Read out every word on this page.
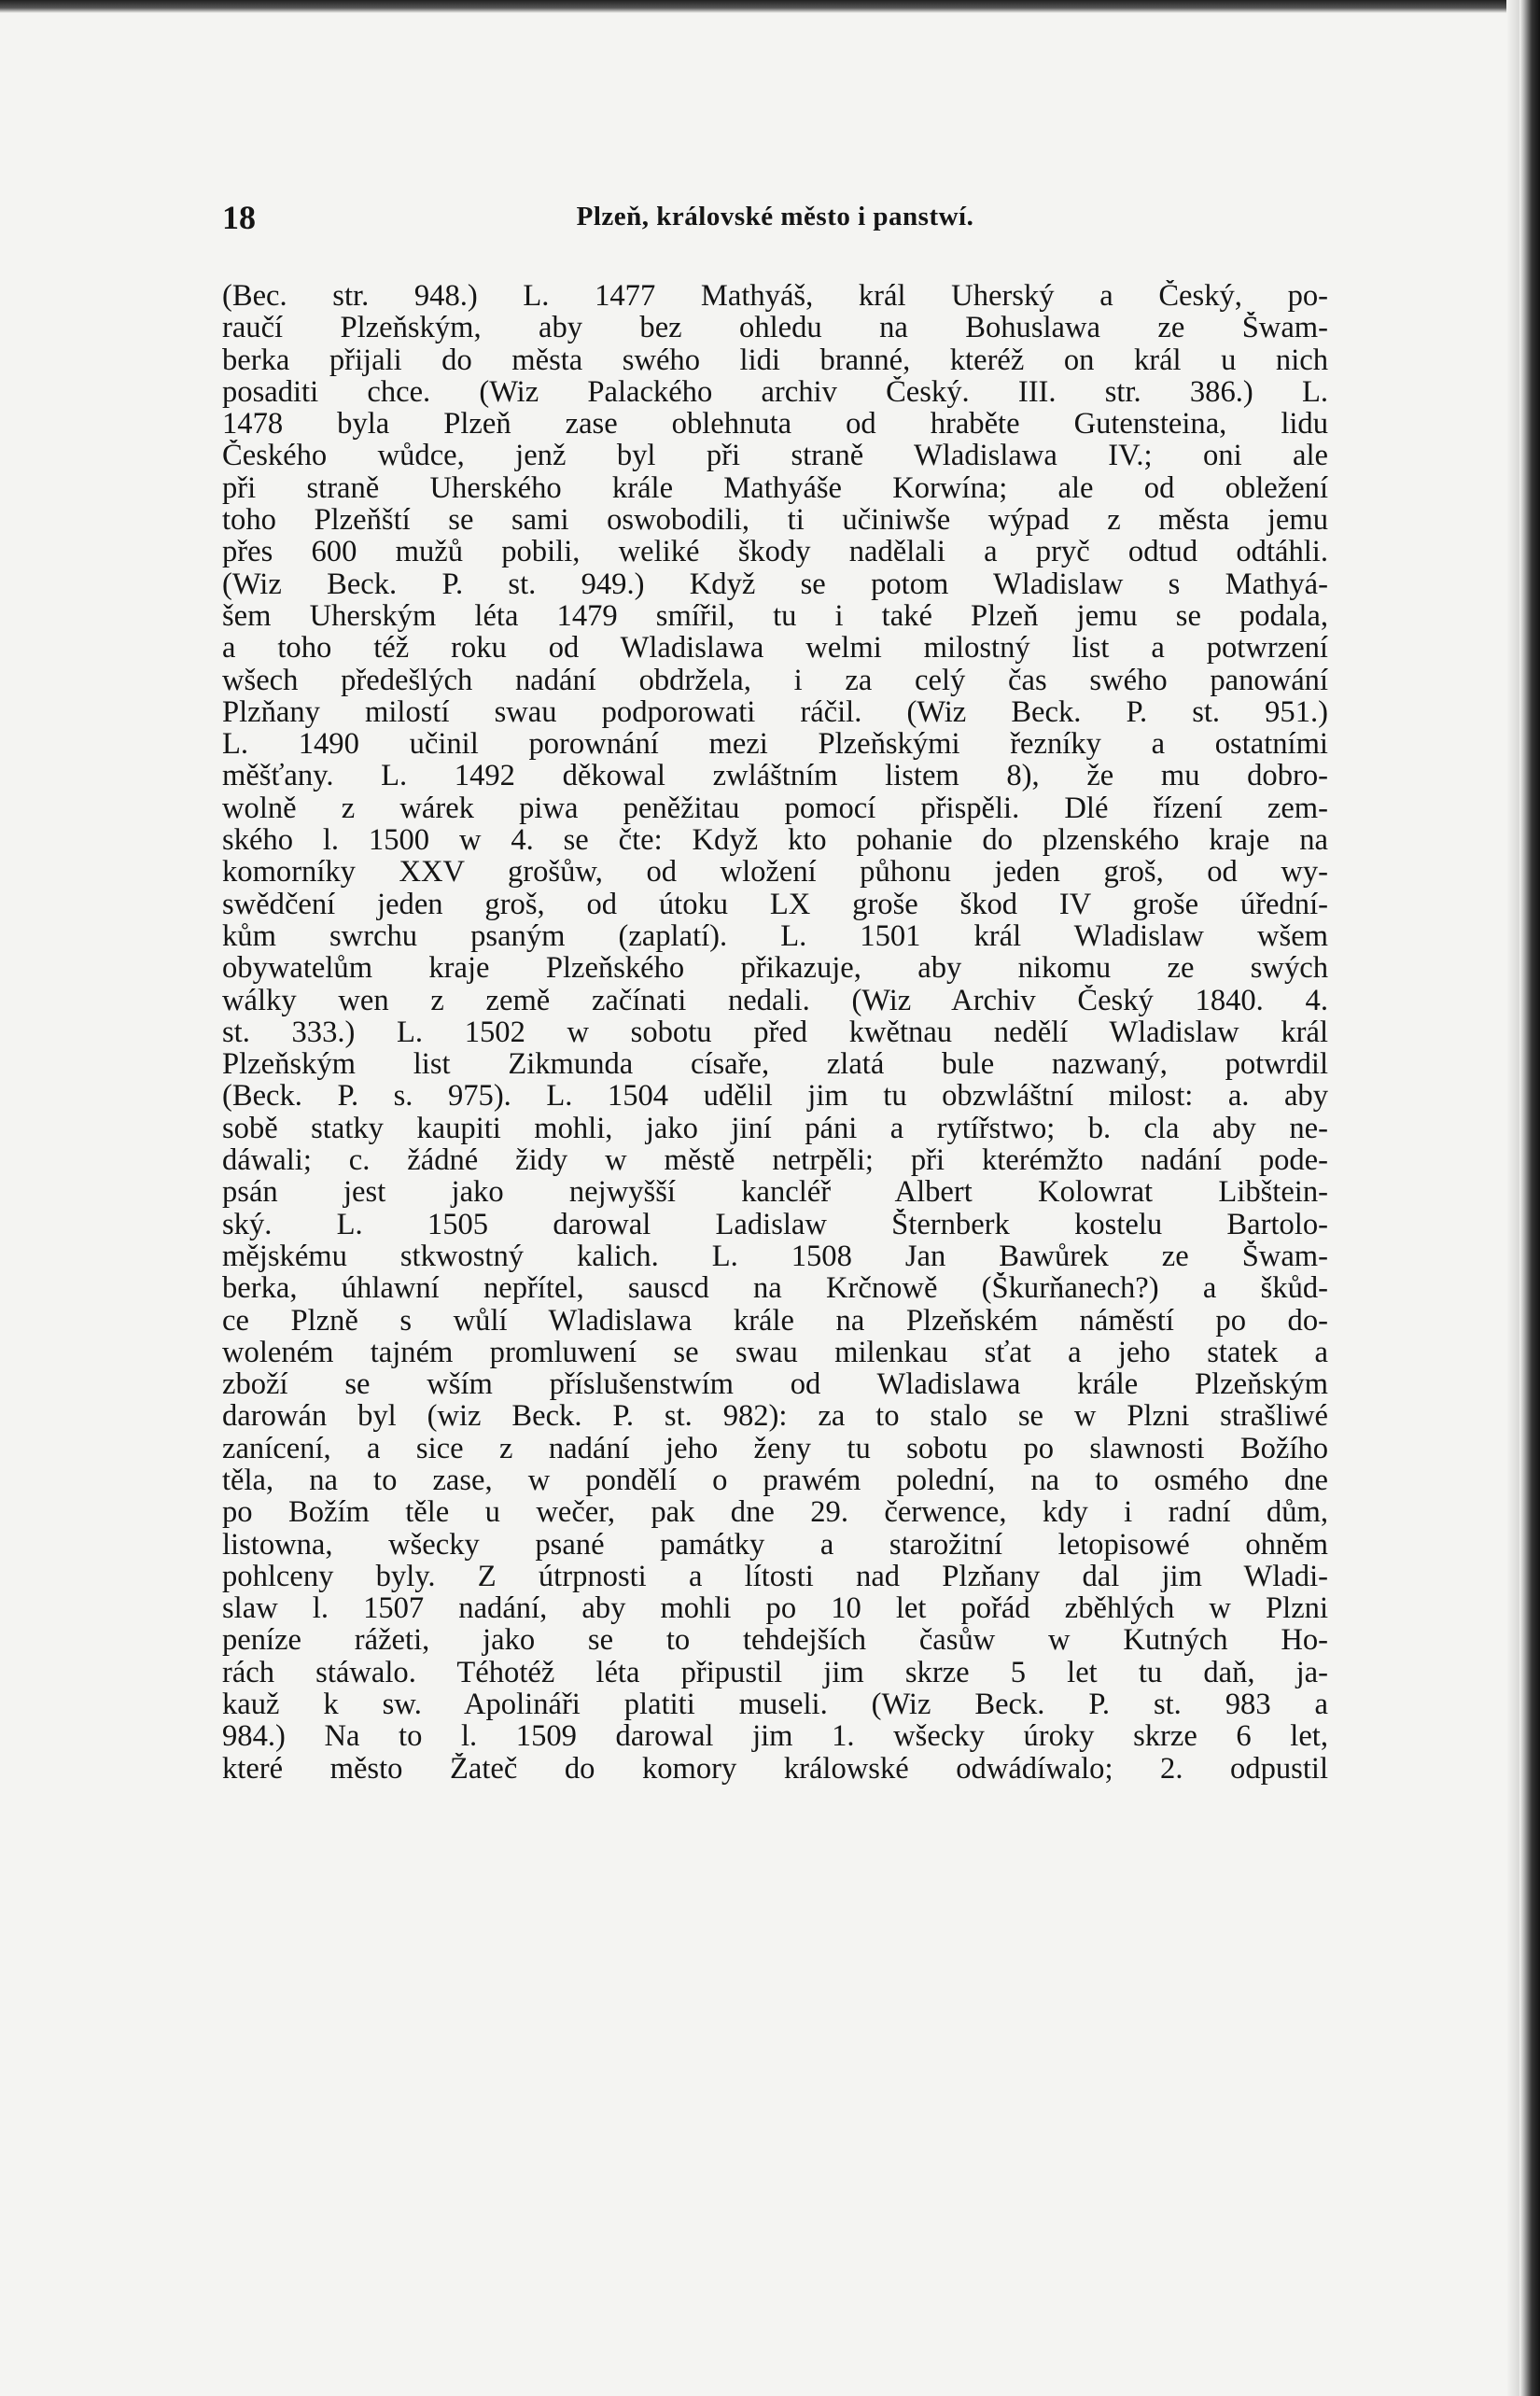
18	Plzeň, královské město i panstwí.
(Bec. str. 948.) L. 1477 Mathyáš, král Uherský a Český, po-
raučí Plzeňským, aby bez ohledu na Bohuslawa ze Šwam-
berka přijali do města swého lidi branné, kteréž on král u nich
posaditi chce. (Wiz Palackého archiv Český. III. str. 386.) L.
1478 byla Plzeň zase oblehnuta od hraběte Gutensteina, lidu
Českého wůdce, jenž byl při straně Wladislawa IV.; oni ale
při straně Uherského krále Mathyáše Korwína; ale od obležení
toho Plzeňští se sami oswobodili, ti učiniwše wýpad z města jemu
přes 600 mužů pobili, weliké škody nadělali a pryč odtud odtáhli.
(Wiz Beck. P. st. 949.) Když se potom Wladislaw s Mathyá-
šem Uherským léta 1479 smířil, tu i také Plzeň jemu se podala,
a toho též roku od Wladislawa welmi milostný list a potwrzení
wšech předešlých nadání obdržela, i za celý čas swého panowání
Plzňany milostí swau podporowati ráčil. (Wiz Beck. P. st. 951.)
L. 1490 učinil porownání mezi Plzeňskými řezníky a ostatními
měšťany. L. 1492 děkowal zwláštním listem 8), že mu dobro-
wolně z wárek piwa peněžitau pomocí přispěli. Dlé řízení zem-
ského l. 1500 w 4. se čte: Když kto pohanie do plzenského kraje na
komorníky XXV grošůw, od wložení půhonu jeden groš, od wy-
swědčení jeden groš, od útoku LX groše škod IV groše úřední-
kům swrchu psaným (zaplatí). L. 1501 král Wladislaw wšem
obywatelům kraje Plzeňského přikazuje, aby nikomu ze swých
wálky wen z země začínati nedali. (Wiz Archiv Český 1840. 4.
st. 333.) L. 1502 w sobotu před kwětnau nedělí Wladislaw král
Plzeňským list Zikmunda císaře, zlatá bule nazwaný, potwrdil
(Beck. P. s. 975). L. 1504 udělil jim tu obzwláštní milost: a. aby
sobě statky kaupiti mohli, jako jiní páni a rytířstwo; b. cla aby ne-
dáwali; c. žádné židy w městě netrpěli; při kterémžto nadání pode-
psán jest jako nejwyšší kancléř Albert Kolowrat Libštein-
ský. L. 1505 darowal Ladislaw Šternberk kostelu Bartolo-
mějskému stkwostný kalich. L. 1508 Jan Bawůrek ze Šwam-
berka, úhlawní nepřítel, sauscd na Krčnowě (Škurňanech?) a škůd-
ce Plzně s wůlí Wladislawa krále na Plzeňském náměstí po do-
woleném tajném promluwení se swau milenkau sťat a jeho statek a
zboží se wším příslušenstwím od Wladislawa krále Plzeňským
darowán byl (wiz Beck. P. st. 982): za to stalo se w Plzni strašliwé
zanícení, a sice z nadání jeho ženy tu sobotu po slawnosti Božího
těla, na to zase, w pondělí o prawém polední, na to osmého dne
po Božím těle u wečer, pak dne 29. čerwence, kdy i radní dům,
listowna, wšecky psané památky a starožitní letopisowé ohněm
pohlceny byly. Z útrpnosti a lítosti nad Plzňany dal jim Wladi-
slaw l. 1507 nadání, aby mohli po 10 let pořád zběhlých w Plzni
peníze rážeti, jako se to tehdejších časůw w Kutných Ho-
rách stáwalo. Téhotéž léta připustil jim skrze 5 let tu daň, ja-
kauž k sw. Apolináři platiti museli. (Wiz Beck. P. st. 983 a
984.) Na to l. 1509 darowal jim 1. wšecky úroky skrze 6 let,
které město Žateč do komory králowské odwádíwalo; 2. odpustil
